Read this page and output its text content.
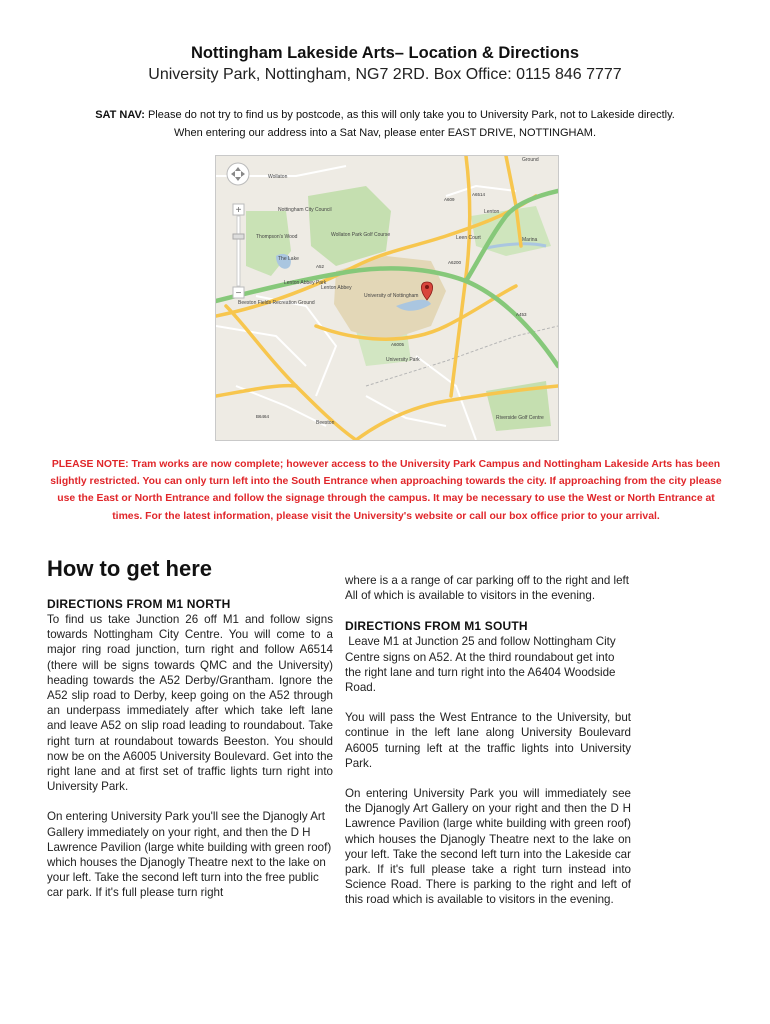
Nottingham Lakeside Arts– Location & Directions
University Park, Nottingham, NG7 2RD. Box Office: 0115 846 7777
SAT NAV: Please do not try to find us by postcode, as this will only take you to University Park, not to Lakeside directly.
When entering our address into a Sat Nav, please enter EAST DRIVE, NOTTINGHAM.
+
−
Wollaton
Nottingham City Council
Thompson's Wood	Wollaton Park Golf Course
Lenton
Leen Court	Marina
The Lake
Lenton Abbey Park
Lenton Abbey
University of Nottingham
Beeston Fields Recreation Ground
University Park
Beeston
Riverside Golf Centre
Ground
A52
A6514
A6005
A453
A6200
A609
B6464
PLEASE NOTE: Tram works are now complete; however access to the University Park Campus and Nottingham Lakeside Arts has been slightly restricted. You can only turn left into the South Entrance when approaching towards the city. If approaching from the city please use the East or North Entrance and follow the signage through the campus. It may be necessary to use the West or North Entrance at times. For the latest information, please visit the University's website or call our box office prior to your arrival.
How to get here
DIRECTIONS FROM M1 NORTH

To find us take Junction 26 off M1 and follow signs towards Nottingham City Centre. You will come to a major ring road junction, turn right and follow A6514 (there will be signs towards QMC and the University) heading towards the A52 Derby/Grantham. Ignore the A52 slip road to Derby, keep going on the A52 through an underpass immediately after which take left lane and leave A52 on slip road leading to roundabout. Take right turn at roundabout towards Beeston. You should now be on the A6005 University Boulevard. Get into the right lane and at first set of traffic lights turn right into University Park.

On entering University Park you'll see the Djanogly Art Gallery immediately on your right, and then the D H Lawrence Pavilion (large white building with green roof) which houses the Djanogly Theatre next to the lake on your left. Take the second left turn into the free public car park. If it's full please turn right

where is a a range of car parking off to the right and left All of which is available to visitors in the evening.

DIRECTIONS FROM M1 SOUTH

Leave M1 at Junction 25 and follow Nottingham City Centre signs on A52. At the third roundabout get into the right lane and turn right into the A6404 Woodside Road.

You will pass the West Entrance to the University, but continue in the left lane along University Boulevard A6005 turning left at the traffic lights into University Park.

On entering University Park you will immediately see the Djanogly Art Gallery on your right and then the D H Lawrence Pavilion (large white building with green roof) which houses the Djanogly Theatre next to the lake on your left. Take the second left turn into the Lakeside car park. If it's full please take a right turn instead into Science Road. There is parking to the right and left of this road which is available to visitors in the evening.
